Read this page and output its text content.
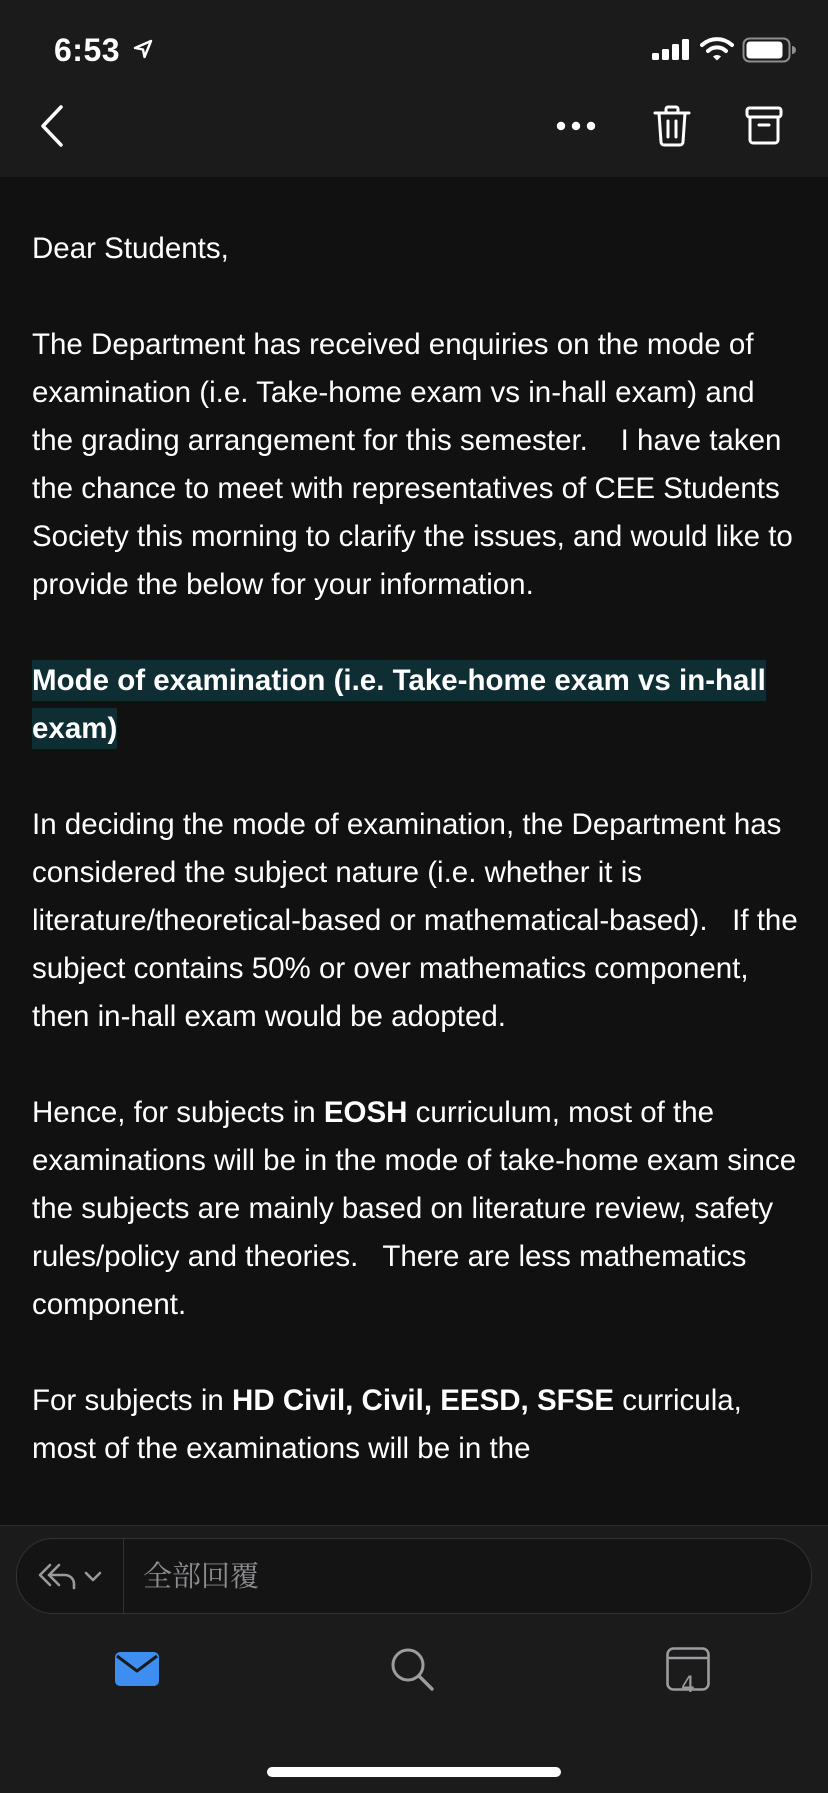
6:53

Dear Students,

The Department has received enquiries on the mode of examination (i.e. Take-home exam vs in-hall exam) and the grading arrangement for this semester.    I have taken the chance to meet with representatives of CEE Students Society this morning to clarify the issues, and would like to provide the below for your information.

Mode of examination (i.e. Take-home exam vs in-hall exam)

In deciding the mode of examination, the Department has considered the subject nature (i.e. whether it is literature/theoretical-based or mathematical-based).   If the subject contains 50% or over mathematics component, then in-hall exam would be adopted.

Hence, for subjects in EOSH curriculum, most of the examinations will be in the mode of take-home exam since the subjects are mainly based on literature review, safety rules/policy and theories.   There are less mathematics component.

For subjects in HD Civil, Civil, EESD, SFSE curricula, most of the examinations will be in the

全部回覆
4
